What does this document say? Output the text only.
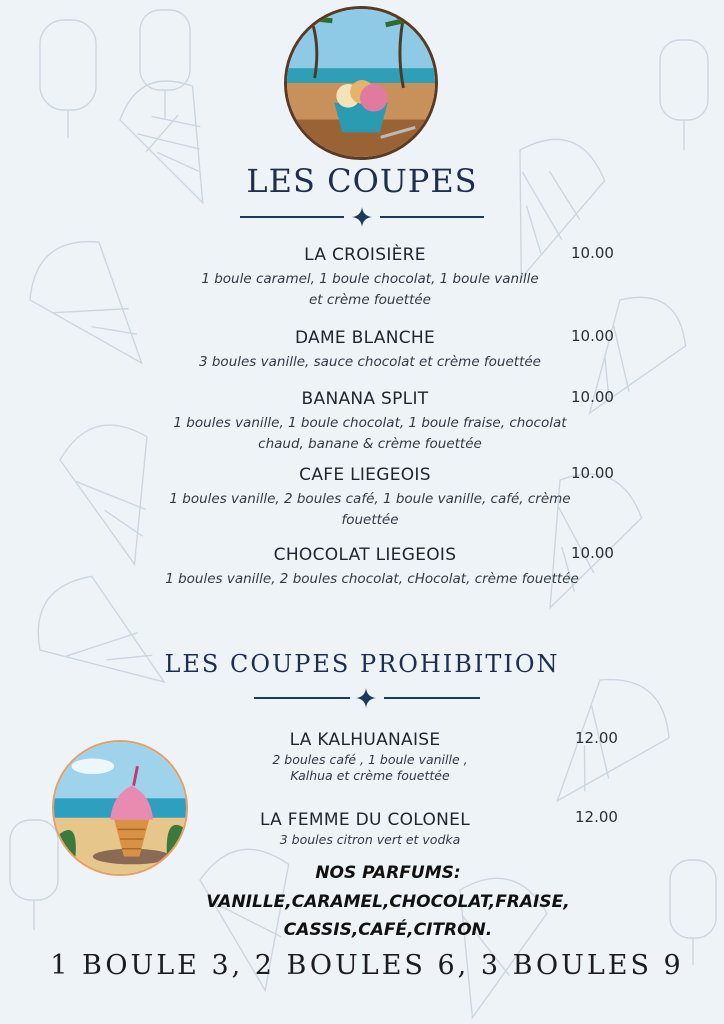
LES COUPES
LA CROISIÈRE	10.00
1 boule caramel, 1 boule chocolat, 1 boule vanille
et crème fouettée
DAME BLANCHE	10.00
3 boules vanille, sauce chocolat et crème fouettée
BANANA SPLIT	10.00
1 boules vanille, 1 boule chocolat, 1 boule fraise, chocolat
chaud, banane & crème fouettée
CAFE LIEGEOIS	10.00
1 boules vanille, 2 boules café, 1 boule vanille, café, crème
fouettée
CHOCOLAT LIEGEOIS	10.00
1 boules vanille, 2 boules chocolat, cHocolat, crème fouettée
LES COUPES PROHIBITION
LA KALHUANAISE	12.00
2 boules café , 1 boule vanille ,
Kalhua et crème fouettée
LA FEMME DU COLONEL	12.00
3 boules citron vert et vodka
NOS PARFUMS:
VANILLE,CARAMEL,CHOCOLAT,FRAISE,
CASSIS,CAFÉ,CITRON.
1 BOULE 3, 2 BOULES 6, 3 BOULES 9
